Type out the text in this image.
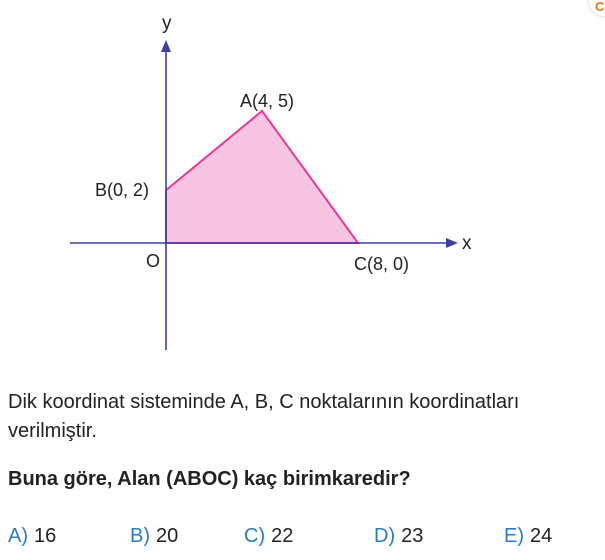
x
y
A(4, 5)
B(0, 2)
C(8, 0)
O
C
Dik koordinat sisteminde A, B, C noktalarının koordinatları
verilmiştir.
Buna göre, Alan (ABOC) kaç birimkaredir?
A) 16	B) 20	C) 22	D) 23	E) 24
